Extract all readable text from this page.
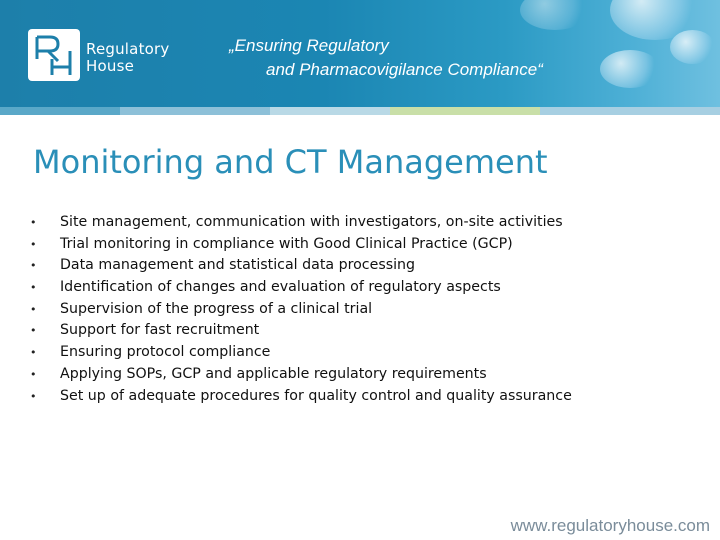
Regulatory
House
„Ensuring Regulatory
and Pharmacovigilance Compliance“
Monitoring and CT Management
• Site management, communication with investigators, on-site activities
• Trial monitoring in compliance with Good Clinical Practice (GCP)
• Data management and statistical data processing
• Identification of changes and evaluation of regulatory aspects
• Supervision of the progress of a clinical trial
• Support for fast recruitment
• Ensuring protocol compliance
• Applying SOPs, GCP and applicable regulatory requirements
• Set up of adequate procedures for quality control and quality assurance
www.regulatoryhouse.com
